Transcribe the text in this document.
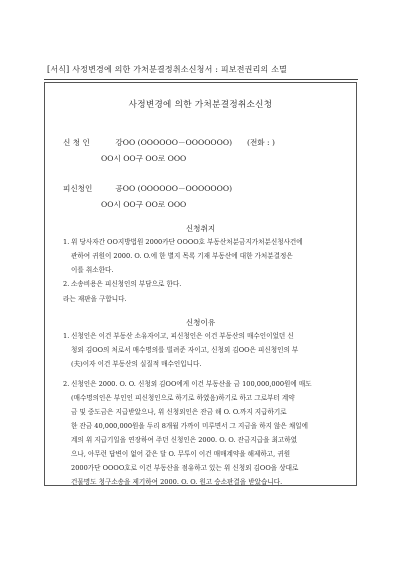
[서식] 사정변경에 의한 가처분결정취소신청서 : 피보전권리의 소멸
사정변경에 의한 가처분결정취소신청
신 청 인	강OO (OOOOOO－OOOOOOO) (전화 : )
OO시 OO구 OO로 OOO
피신청인	공OO (OOOOOO－OOOOOOO)
OO시 OO구 OO로 OOO
신청취지
1. 위 당사자간 OO지방법원 2000카단 OOOO호 부동산처분금지가처분신청사건에
관하여 귀원이 2000. O. O.에 한 별지 목록 기재 부동산에 대한 가처분결정은
이를 취소한다.
2. 소송비용은 피신청인의 부담으로 한다.
라는 재판을 구합니다.
신청이유
1. 신청인은 이건 부동산 소유자이고, 피신청인은 이건 부동산의 매수인이었던 신
청외 김OO의 처로서 매수명의를 빌려준 자이고, 신청외 김OO은 피신청인의 부
(夫)이자 이건 부동산의 실질적 매수인입니다.
2. 신청인은 2000. O. O. 신청외 김OO에게 이건 부동산을 금 100,000,000원에 매도
(매수명의인은 부인인 피신청인으로 하기로 하였음)하기로 하고 그로부터 계약
금 및 중도금은 지급받았으나, 위 신청외인은 잔금 해 O. O.까지 지급하기로
한 잔금 40,000,000원을 두리 8개월 가까이 미루면서 그 지금을 하지 않은 채일에
계의 위 지급기일을 연장하여 주던 신청인은 2000. O. O. 잔금지급을 최고하였
으나, 아무런 답변이 없어 같은 달 O. 무투이 이건 매매계약을 해제하고, 귀원
2000가단 OOOO호로 이건 부동산을 점유하고 있는 위 신청외 김OO을 상대로
건물명도 청구소송을 제기하여 2000. O. O. 원고 승소판결을 받았습니다.
